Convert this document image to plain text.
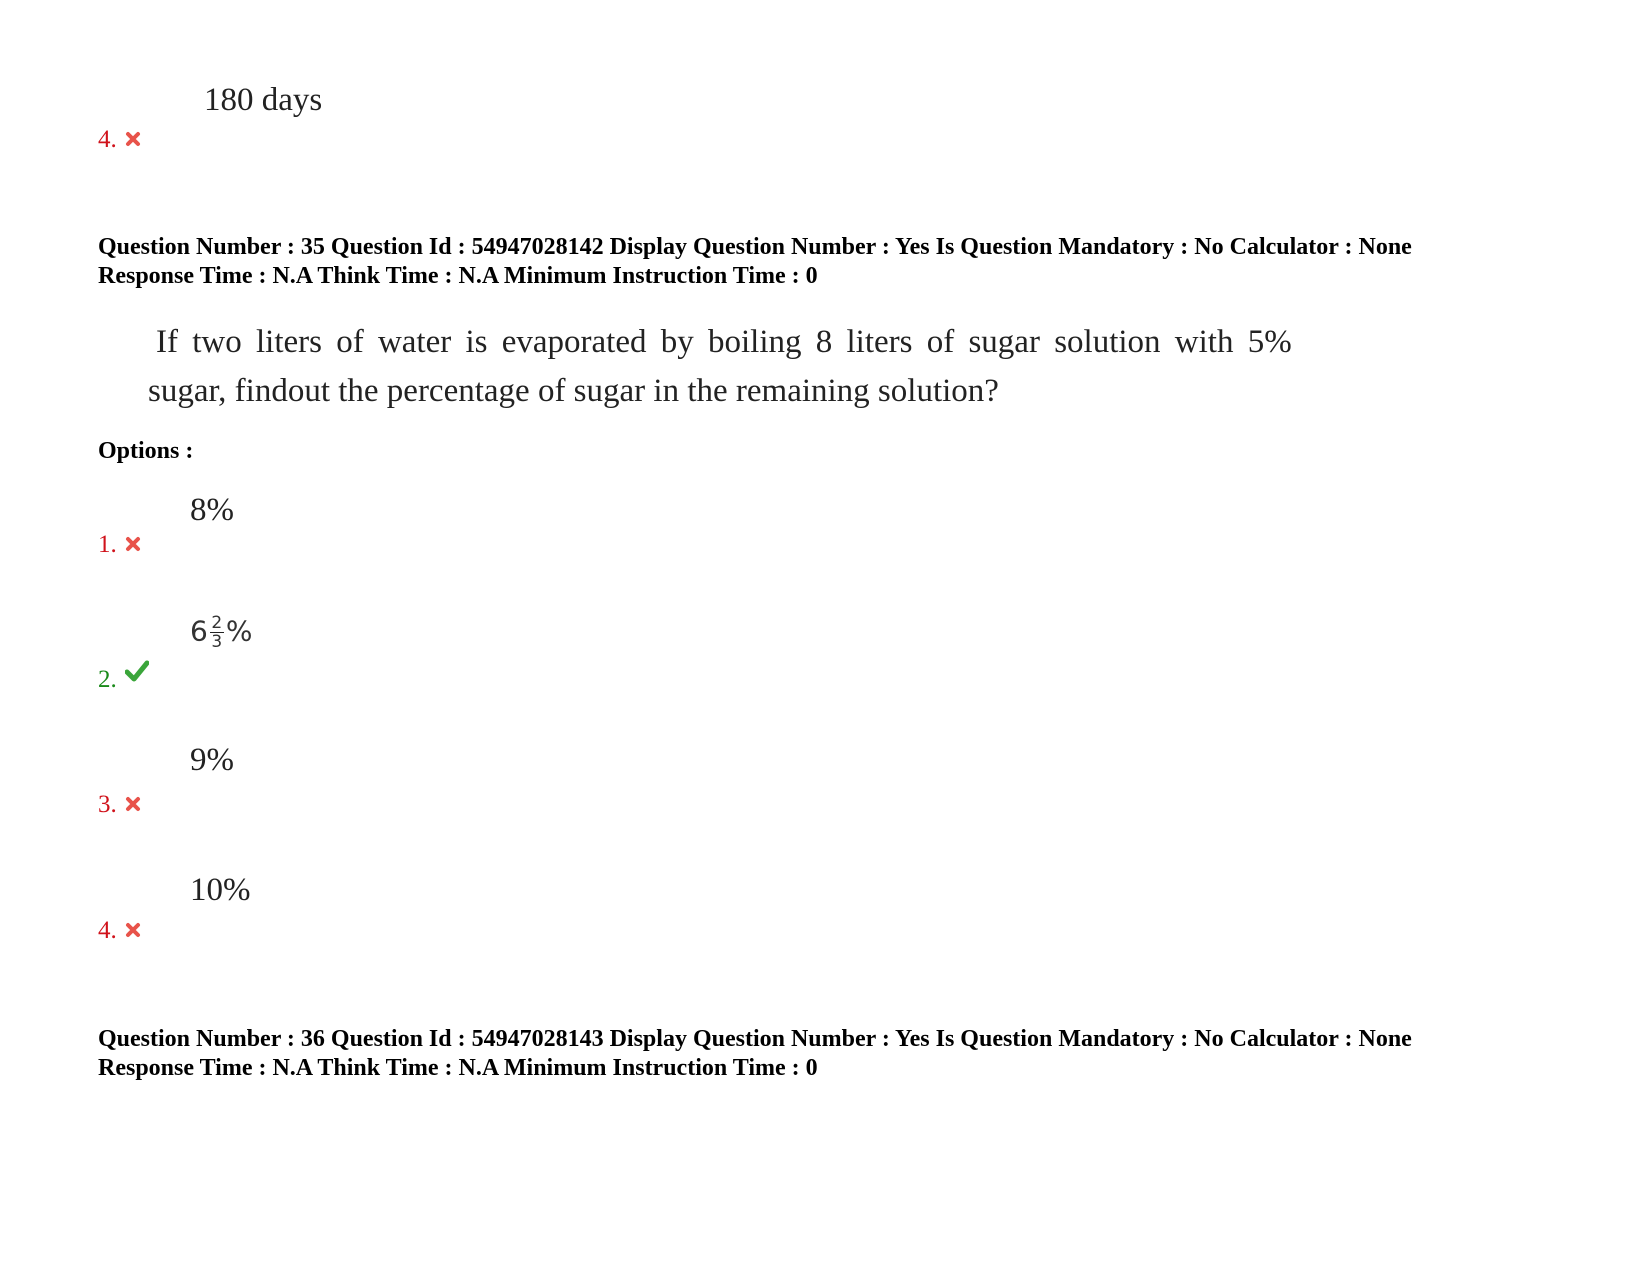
180 days
4.
Question Number : 35 Question Id : 54947028142 Display Question Number : Yes Is Question Mandatory : No Calculator : None
Response Time : N.A Think Time : N.A Minimum Instruction Time : 0
If two liters of water is evaporated by boiling 8 liters of sugar solution with 5%
sugar, findout the percentage of sugar in the remaining solution?
Options :
8%
1.
$6 \frac{2}{3}$ %
2.
9%
3.
10%
4.
Question Number : 36 Question Id : 54947028143 Display Question Number : Yes Is Question Mandatory : No Calculator : None
Response Time : N.A Think Time : N.A Minimum Instruction Time : 0
